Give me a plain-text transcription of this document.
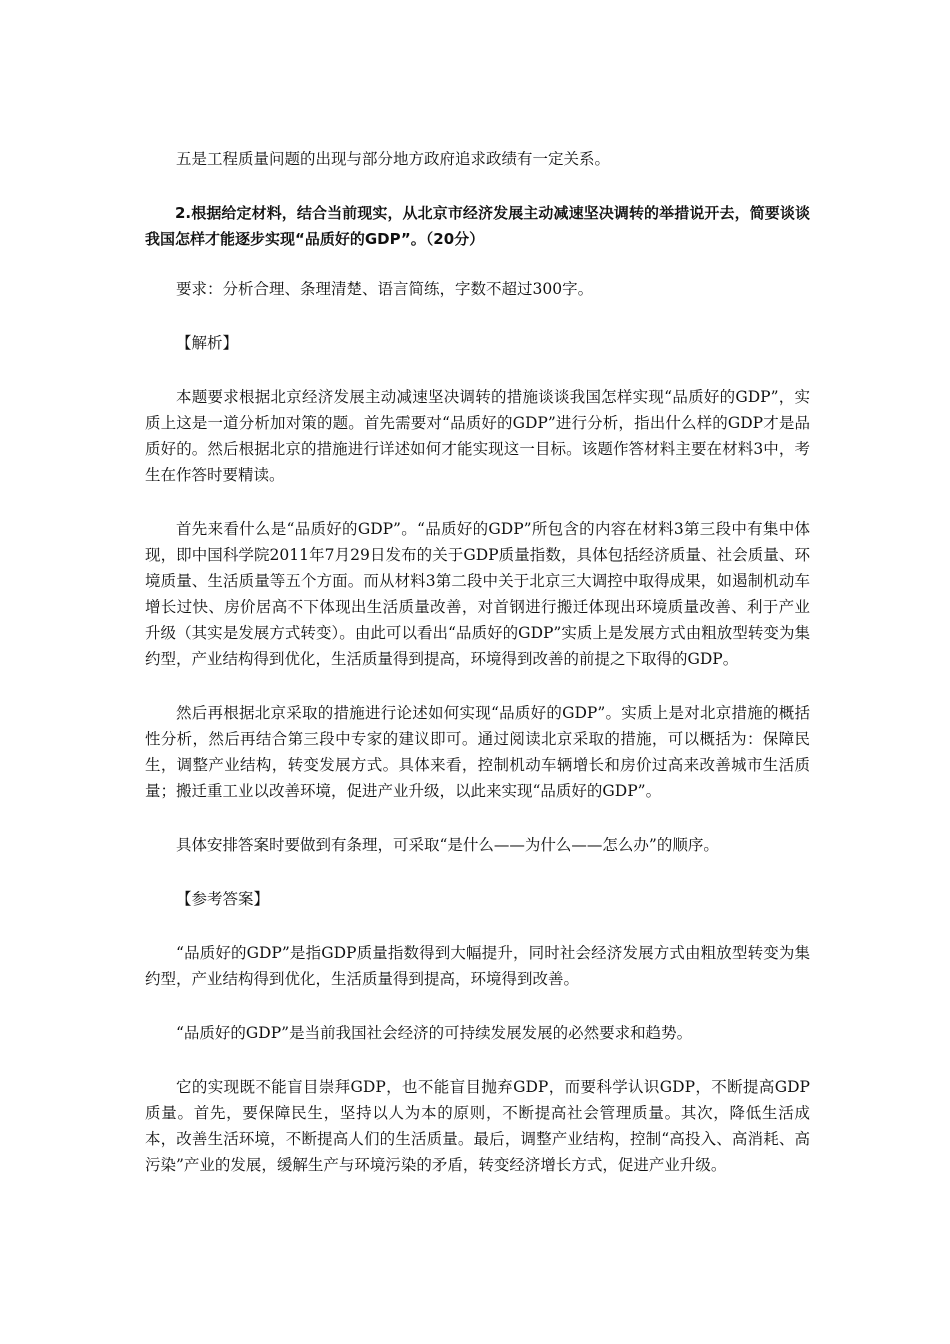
五是工程质量问题的出现与部分地方政府追求政绩有一定关系。

2.根据给定材料，结合当前现实，从北京市经济发展主动减速坚决调转的举措说开去，简要谈谈我国怎样才能逐步实现“品质好的GDP”。（20分）

要求：分析合理、条理清楚、语言简练，字数不超过300字。

【解析】

本题要求根据北京经济发展主动减速坚决调转的措施谈谈我国怎样实现“品质好的GDP”，实质上这是一道分析加对策的题。首先需要对“品质好的GDP”进行分析，指出什么样的GDP才是品质好的。然后根据北京的措施进行详述如何才能实现这一目标。该题作答材料主要在材料3中，考生在作答时要精读。

首先来看什么是“品质好的GDP”。“品质好的GDP”所包含的内容在材料3第三段中有集中体现，即中国科学院2011年7月29日发布的关于GDP质量指数，具体包括经济质量、社会质量、环境质量、生活质量等五个方面。而从材料3第二段中关于北京三大调控中取得成果，如遏制机动车增长过快、房价居高不下体现出生活质量改善，对首钢进行搬迁体现出环境质量改善、利于产业升级（其实是发展方式转变）。由此可以看出“品质好的GDP”实质上是发展方式由粗放型转变为集约型，产业结构得到优化，生活质量得到提高，环境得到改善的前提之下取得的GDP。

然后再根据北京采取的措施进行论述如何实现“品质好的GDP”。实质上是对北京措施的概括性分析，然后再结合第三段中专家的建议即可。通过阅读北京采取的措施，可以概括为：保障民生，调整产业结构，转变发展方式。具体来看，控制机动车辆增长和房价过高来改善城市生活质量；搬迁重工业以改善环境，促进产业升级，以此来实现“品质好的GDP”。

具体安排答案时要做到有条理，可采取“是什么——为什么——怎么办”的顺序。

【参考答案】

“品质好的GDP”是指GDP质量指数得到大幅提升，同时社会经济发展方式由粗放型转变为集约型，产业结构得到优化，生活质量得到提高，环境得到改善。

“品质好的GDP”是当前我国社会经济的可持续发展发展的必然要求和趋势。

它的实现既不能盲目崇拜GDP，也不能盲目抛弃GDP，而要科学认识GDP，不断提高GDP质量。首先，要保障民生，坚持以人为本的原则，不断提高社会管理质量。其次，降低生活成本，改善生活环境，不断提高人们的生活质量。最后，调整产业结构，控制“高投入、高消耗、高污染”产业的发展，缓解生产与环境污染的矛盾，转变经济增长方式，促进产业升级。
